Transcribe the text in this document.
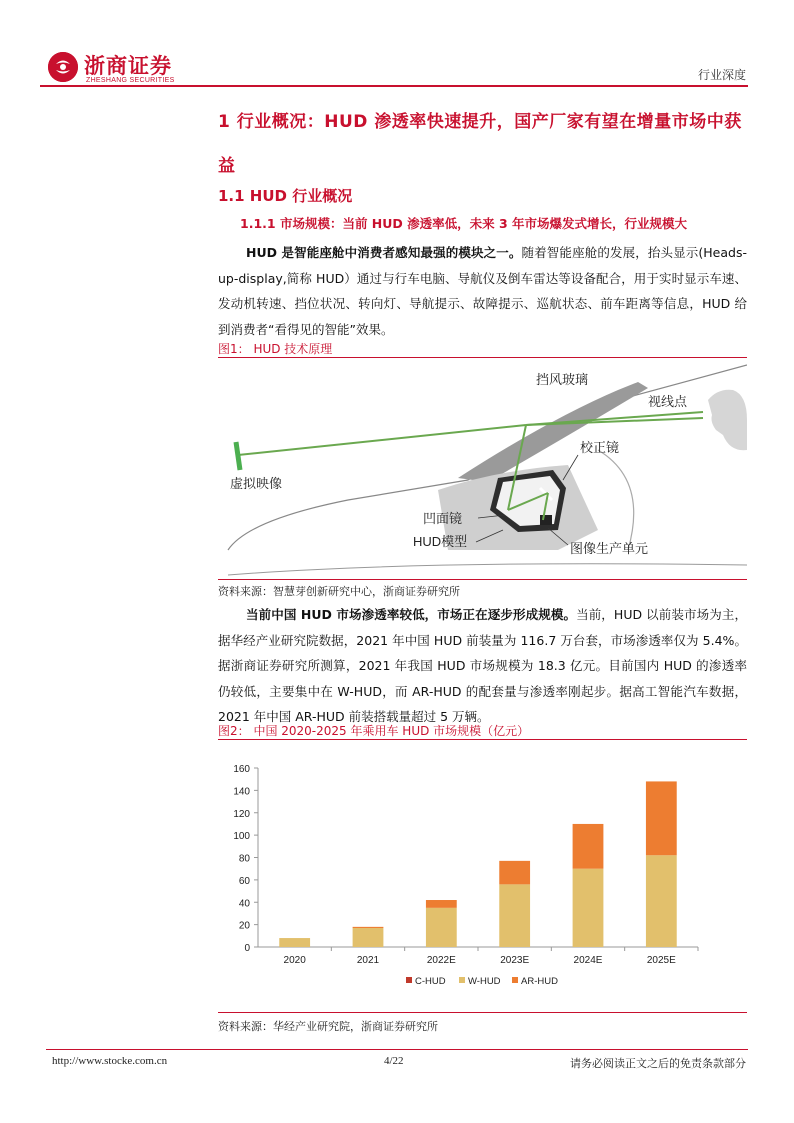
浙商证券
ZHESHANG SECURITIES	行业深度
1 行业概况：HUD 渗透率快速提升，国产厂家有望在增量市场中获益
1.1 HUD 行业概况
1.1.1 市场规模：当前 HUD 渗透率低，未来 3 年市场爆发式增长，行业规模大
HUD 是智能座舱中消费者感知最强的模块之一。随着智能座舱的发展，抬头显示(Heads-up-display,简称 HUD）通过与行车电脑、导航仪及倒车雷达等设备配合，用于实时显示车速、发动机转速、挡位状况、转向灯、导航提示、故障提示、巡航状态、前车距离等信息，HUD 给到消费者“看得见的智能”效果。
图1： HUD 技术原理
挡风玻璃
视线点
虚拟映像
校正镜
凹面镜
HUD模型	图像生产单元
资料来源：智慧芽创新研究中心，浙商证券研究所
当前中国 HUD 市场渗透率较低，市场正在逐步形成规模。当前，HUD 以前装市场为主，据华经产业研究院数据，2021 年中国 HUD 前装量为 116.7 万台套，市场渗透率仅为 5.4%。据浙商证券研究所测算，2021 年我国 HUD 市场规模为 18.3 亿元。目前国内 HUD 的渗透率仍较低，主要集中在 W-HUD，而 AR-HUD 的配套量与渗透率刚起步。据高工智能汽车数据，2021 年中国 AR-HUD 前装搭载量超过 5 万辆。
图2： 中国 2020-2025 年乘用车 HUD 市场规模（亿元）
0
20
40
60
80
100
120
140
160
2020	2021	2022E	2023E	2024E	2025E
C-HUD W-HUD AR-HUD
资料来源：华经产业研究院，浙商证券研究所
http://www.stocke.com.cn	4/22	请务必阅读正文之后的免责条款部分
